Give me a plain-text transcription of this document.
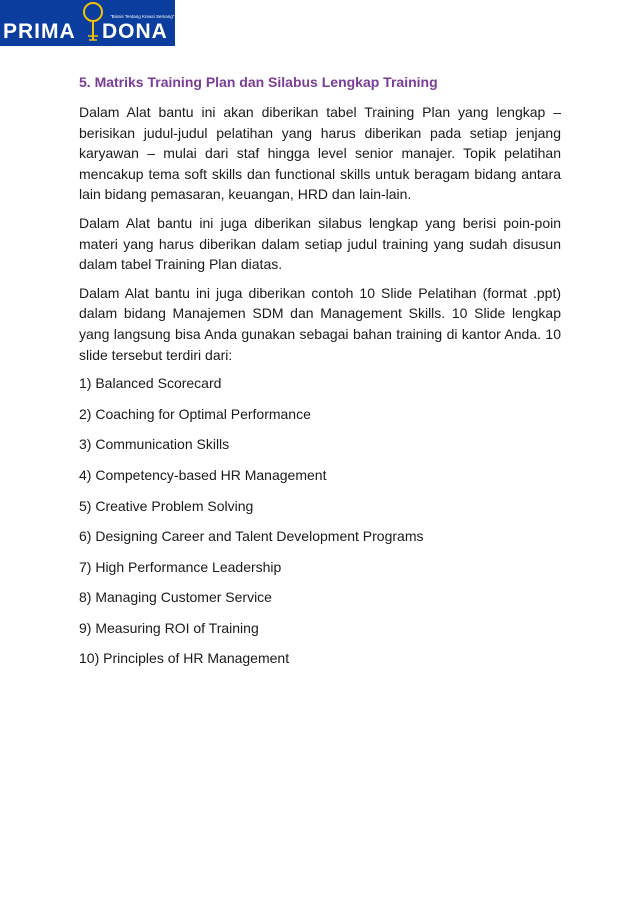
PRIMA
"Bisnis Tentang Kreasi Semang"
DONA
5. Matriks Training Plan dan Silabus Lengkap Training

Dalam Alat bantu ini akan diberikan tabel Training Plan yang lengkap – berisikan judul-judul pelatihan yang harus diberikan pada setiap jenjang karyawan – mulai dari staf hingga level senior manajer. Topik pelatihan mencakup tema soft skills dan functional skills untuk beragam bidang antara lain bidang pemasaran, keuangan, HRD dan lain-lain.

Dalam Alat bantu ini juga diberikan silabus lengkap yang berisi poin-poin materi yang harus diberikan dalam setiap judul training yang sudah disusun dalam tabel Training Plan diatas.

Dalam Alat bantu ini juga diberikan contoh 10 Slide Pelatihan (format .ppt) dalam bidang Manajemen SDM dan Management Skills. 10 Slide lengkap yang langsung bisa Anda gunakan sebagai bahan training di kantor Anda. 10 slide tersebut terdiri dari:

1) Balanced Scorecard
2) Coaching for Optimal Performance
3) Communication Skills
4) Competency-based HR Management
5) Creative Problem Solving
6) Designing Career and Talent Development Programs
7) High Performance Leadership
8) Managing Customer Service
9) Measuring ROI of Training
10) Principles of HR Management
